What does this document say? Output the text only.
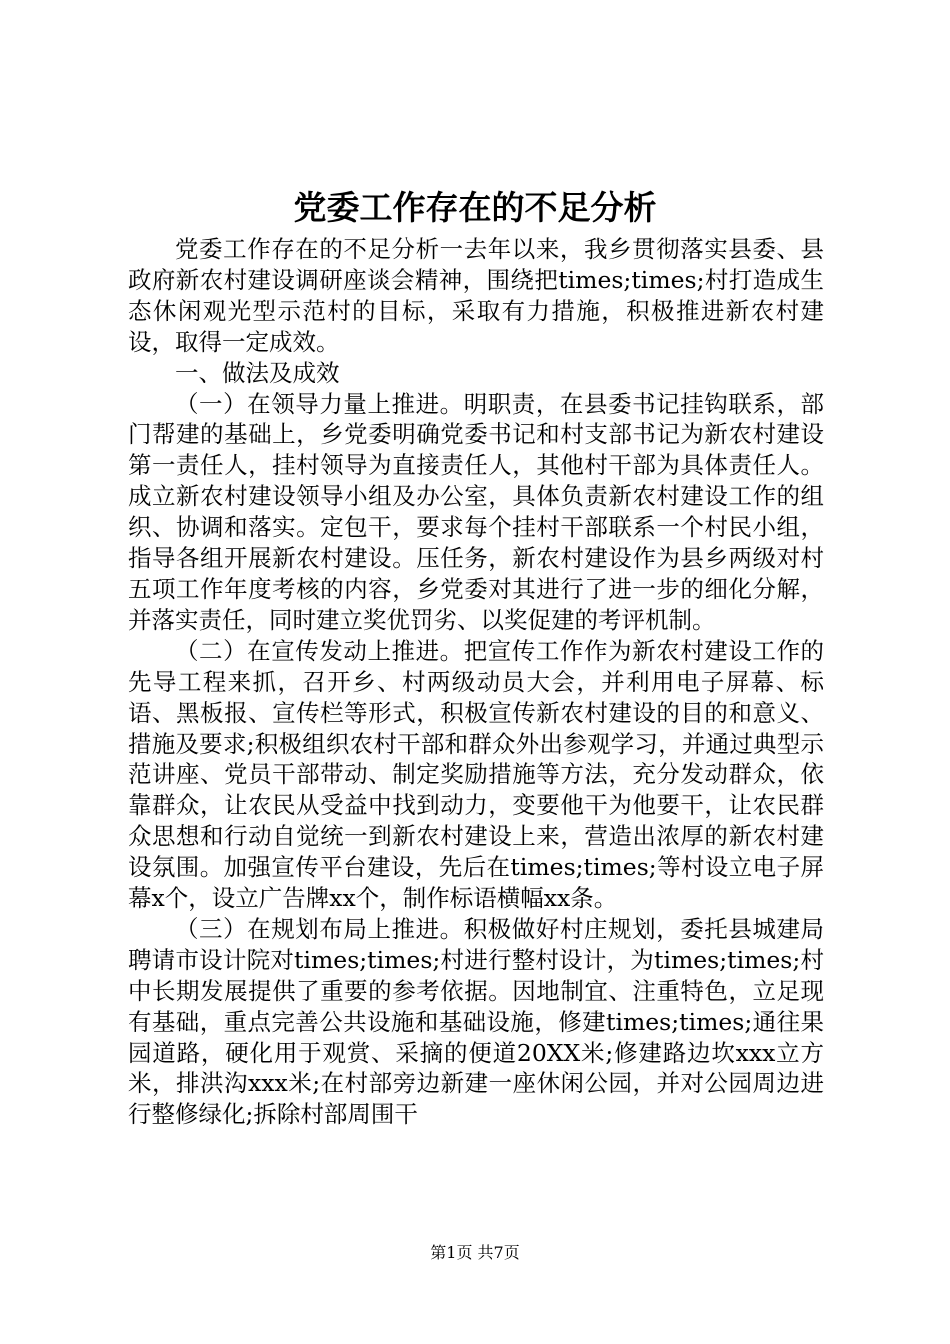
党委工作存在的不足分析

党委工作存在的不足分析一去年以来，我乡贯彻落实县委、县政府新农村建设调研座谈会精神，围绕把times;times;村打造成生态休闲观光型示范村的目标，采取有力措施，积极推进新农村建设，取得一定成效。

一、做法及成效

（一）在领导力量上推进。明职责，在县委书记挂钩联系，部门帮建的基础上，乡党委明确党委书记和村支部书记为新农村建设第一责任人，挂村领导为直接责任人，其他村干部为具体责任人。成立新农村建设领导小组及办公室，具体负责新农村建设工作的组织、协调和落实。定包干，要求每个挂村干部联系一个村民小组，指导各组开展新农村建设。压任务，新农村建设作为县乡两级对村五项工作年度考核的内容，乡党委对其进行了进一步的细化分解，并落实责任，同时建立奖优罚劣、以奖促建的考评机制。

（二）在宣传发动上推进。把宣传工作作为新农村建设工作的先导工程来抓，召开乡、村两级动员大会，并利用电子屏幕、标语、黑板报、宣传栏等形式，积极宣传新农村建设的目的和意义、措施及要求;积极组织农村干部和群众外出参观学习，并通过典型示范讲座、党员干部带动、制定奖励措施等方法，充分发动群众，依靠群众，让农民从受益中找到动力，变要他干为他要干，让农民群众思想和行动自觉统一到新农村建设上来，营造出浓厚的新农村建设氛围。加强宣传平台建设，先后在times;times;等村设立电子屏幕x个，设立广告牌xx个，制作标语横幅xx条。

（三）在规划布局上推进。积极做好村庄规划，委托县城建局聘请市设计院对times;times;村进行整村设计，为times;times;村中长期发展提供了重要的参考依据。因地制宜、注重特色，立足现有基础，重点完善公共设施和基础设施，修建times;times;通往果园道路，硬化用于观赏、采摘的便道20XX米;修建路边坎xxx立方米，排洪沟xxx米;在村部旁边新建一座休闲公园，并对公园周边进行整修绿化;拆除村部周围干

第1页 共7页
